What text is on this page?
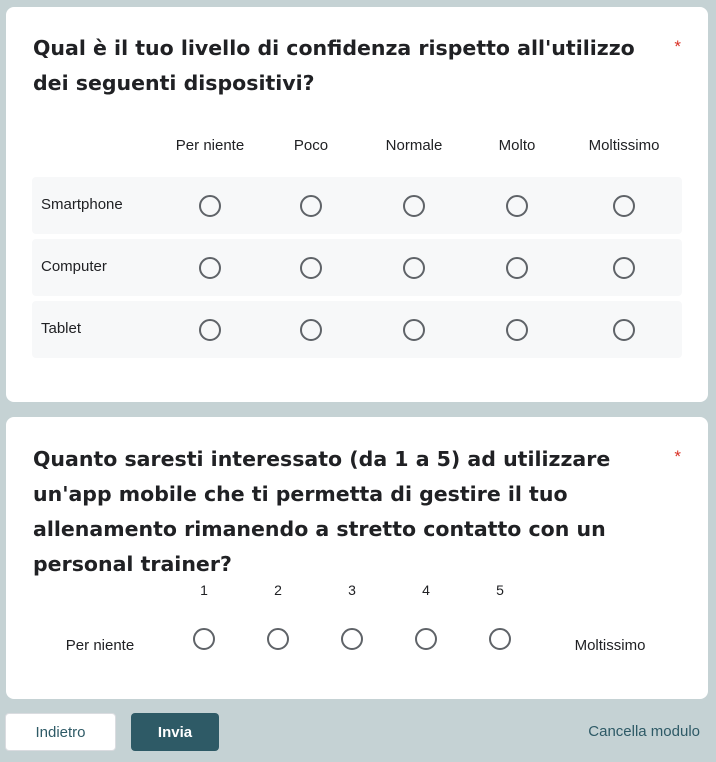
Qual è il tuo livello di confidenza rispetto all'utilizzo dei seguenti dispositivi?
*
Per niente	Poco	Normale	Molto	Moltissimo
Smartphone
Computer
Tablet
Quanto saresti interessato (da 1 a 5) ad utilizzare un'app mobile che ti permetta di gestire il tuo allenamento rimanendo a stretto contatto con un personal trainer?
*
1	2	3	4	5
Per niente	Moltissimo
Indietro	Invia	Cancella modulo
